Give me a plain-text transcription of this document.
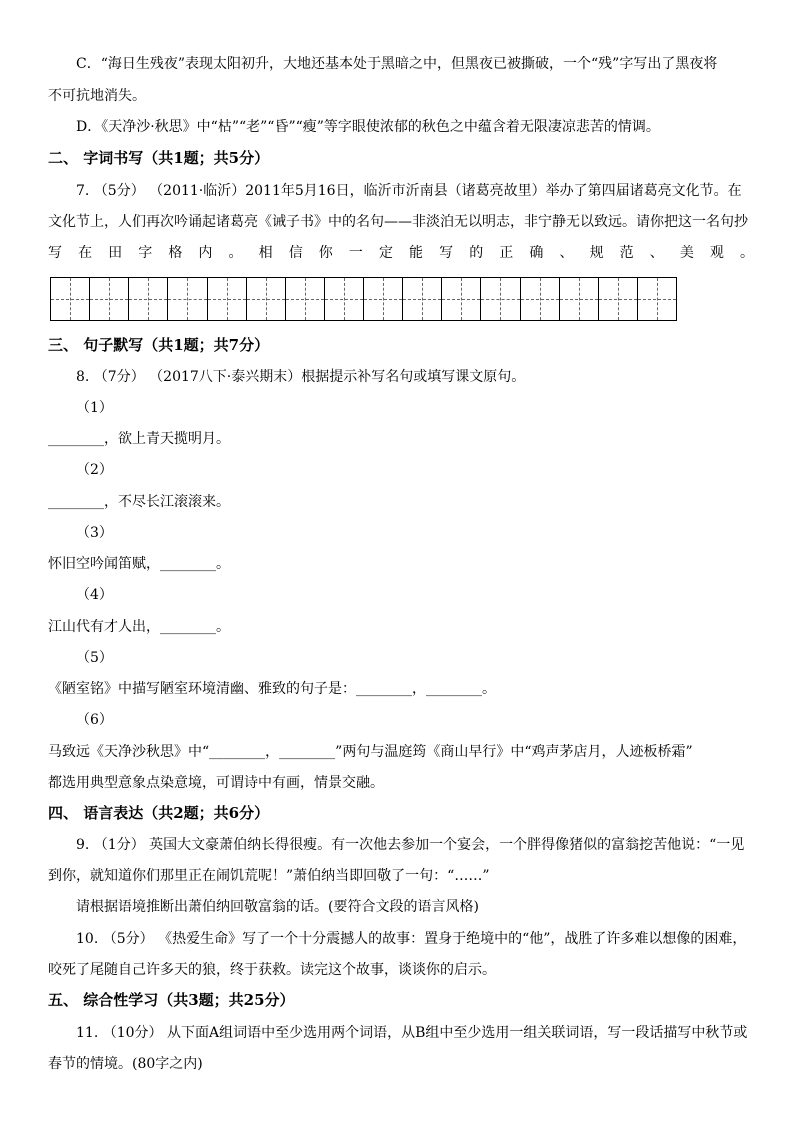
C．“海日生残夜”表现太阳初升，大地还基本处于黑暗之中，但黑夜已被撕破，一个“残”字写出了黑夜将
不可抗地消失。
D．《天净沙·秋思》中“枯”“老”“昏”“瘦”等字眼使浓郁的秋色之中蕴含着无限凄凉悲苦的情调。
二、 字词书写（共1题；共5分）
7. （5分） （2011·临沂）2011年5月16日，临沂市沂南县（诸葛亮故里）举办了第四届诸葛亮文化节。在
文化节上，人们再次吟诵起诸葛亮《诫子书》中的名句——非淡泊无以明志，非宁静无以致远。请你把这一名句抄
写在田字格内。相信你一定能写的正确、规范、美观。
三、 句子默写（共1题；共7分）
8. （7分） （2017八下·泰兴期末）根据提示补写名句或填写课文原句。
（1）
________，欲上青天揽明月。
（2）
________，不尽长江滚滚来。
（3）
怀旧空吟闻笛赋，________。
（4）
江山代有才人出，________。
（5）
《陋室铭》中描写陋室环境清幽、雅致的句子是：________，________。
（6）
马致远《天净沙秋思》中“________，________”两句与温庭筠《商山早行》中“鸡声茅店月，人迹板桥霜”
都选用典型意象点染意境，可谓诗中有画，情景交融。
四、 语言表达（共2题；共6分）
9. （1分） 英国大文豪萧伯纳长得很瘦。有一次他去参加一个宴会，一个胖得像猪似的富翁挖苦他说：“一见
到你，就知道你们那里正在闹饥荒呢！”萧伯纳当即回敬了一句：“……”
请根据语境推断出萧伯纳回敬富翁的话。(要符合文段的语言风格)
10. （5分） 《热爱生命》写了一个十分震撼人的故事：置身于绝境中的“他”，战胜了许多难以想像的困难，
咬死了尾随自己许多天的狼，终于获救。读完这个故事，谈谈你的启示。
五、 综合性学习（共3题；共25分）
11. （10分） 从下面A组词语中至少选用两个词语，从B组中至少选用一组关联词语，写一段话描写中秋节或
春节的情境。(80字之内)
